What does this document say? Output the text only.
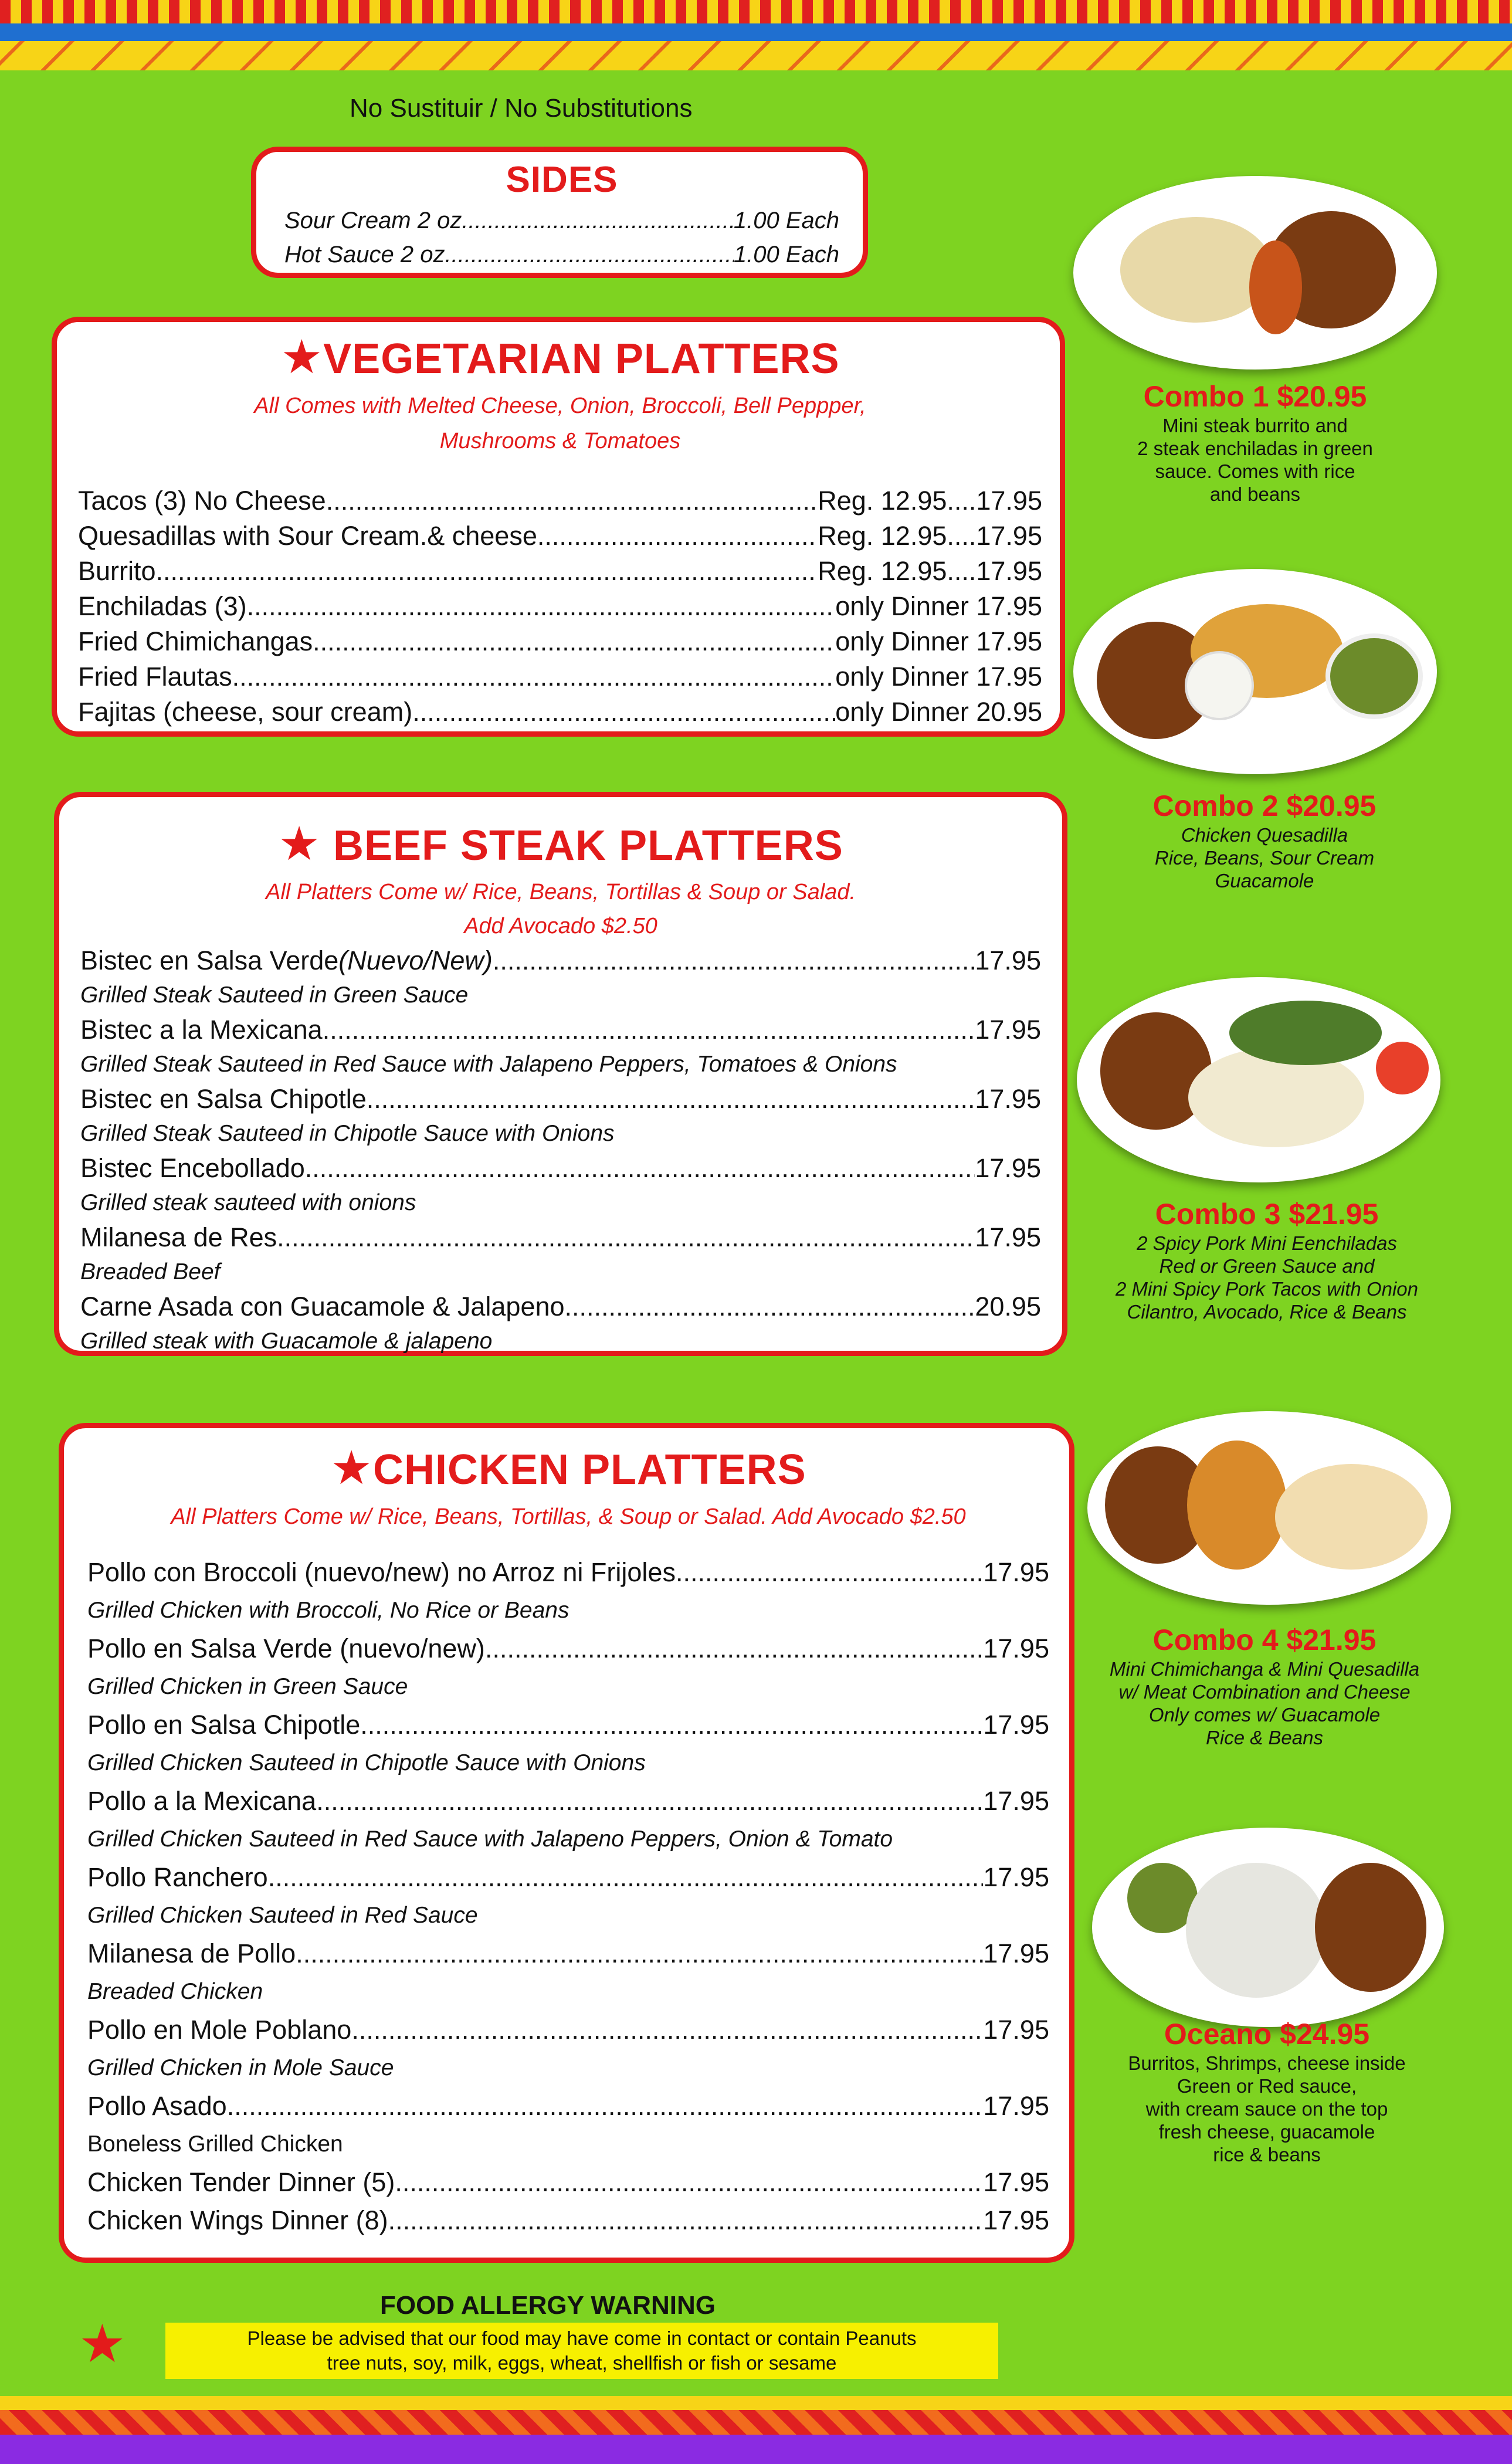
No Sustituir / No Substitutions
SIDES
Sour Cream 2 oz .....	1.00 Each
Hot Sauce 2 oz .....	1.00 Each
★VEGETARIAN PLATTERS
All Comes with Melted Cheese, Onion, Broccoli, Bell Peppper,
Mushrooms & Tomatoes
Tacos (3) No Cheese .....	Reg. 12.95....17.95
Quesadillas with Sour Cream.& cheese .....	Reg. 12.95....17.95
Burrito .....	Reg. 12.95....17.95
Enchiladas (3) .....	only Dinner 17.95
Fried Chimichangas .....	only Dinner 17.95
Fried Flautas .....	only Dinner 17.95
Fajitas (cheese, sour cream) .....	only Dinner 20.95
★ BEEF STEAK PLATTERS
All Platters Come w/ Rice, Beans, Tortillas & Soup or Salad.
Add Avocado $2.50
Bistec en Salsa Verde (Nuevo/New) .....	17.95
Grilled Steak Sauteed in Green Sauce
Bistec a la Mexicana .....	17.95
Grilled Steak Sauteed in Red Sauce with Jalapeno Peppers, Tomatoes & Onions
Bistec en Salsa Chipotle .....	17.95
Grilled Steak Sauteed in Chipotle Sauce with Onions
Bistec Encebollado .....	17.95
Grilled steak sauteed with onions
Milanesa de Res .....	17.95
Breaded Beef
Carne Asada con Guacamole & Jalapeno .....	20.95
Grilled steak with Guacamole & jalapeno
★CHICKEN PLATTERS
All Platters Come w/ Rice, Beans, Tortillas, & Soup or Salad. Add Avocado $2.50
Pollo con Broccoli (nuevo/new) no Arroz ni Frijoles .....	17.95
Grilled Chicken with Broccoli, No Rice or Beans
Pollo en Salsa Verde (nuevo/new) .....	17.95
Grilled Chicken in Green Sauce
Pollo en Salsa Chipotle .....	17.95
Grilled Chicken Sauteed in Chipotle Sauce with Onions
Pollo a la Mexicana .....	17.95
Grilled Chicken Sauteed in Red Sauce with Jalapeno Peppers, Onion & Tomato
Pollo Ranchero .....	17.95
Grilled Chicken Sauteed in Red Sauce
Milanesa de Pollo .....	17.95
Breaded Chicken
Pollo en Mole Poblano .....	17.95
Grilled Chicken in Mole Sauce
Pollo Asado .....	17.95
Boneless Grilled Chicken
Chicken Tender Dinner (5) .....	17.95
Chicken Wings Dinner (8) .....	17.95
Combo 1 $20.95
Mini steak burrito and
2 steak enchiladas in green
sauce. Comes with rice
and beans
Combo 2 $20.95
Chicken Quesadilla
Rice, Beans, Sour Cream
Guacamole
Combo 3 $21.95
2 Spicy Pork Mini Eenchiladas
Red or Green Sauce and
2 Mini Spicy Pork Tacos with Onion
Cilantro, Avocado, Rice & Beans
Combo 4 $21.95
Mini Chimichanga & Mini Quesadilla
w/ Meat Combination and Cheese
Only comes w/ Guacamole
Rice & Beans
Oceano $24.95
Burritos, Shrimps, cheese inside
Green or Red sauce,
with cream sauce on the top
fresh cheese, guacamole
rice & beans
★
FOOD ALLERGY WARNING
Please be advised that our food may have come in contact or contain Peanuts
tree nuts, soy, milk, eggs, wheat, shellfish or fish or sesame
